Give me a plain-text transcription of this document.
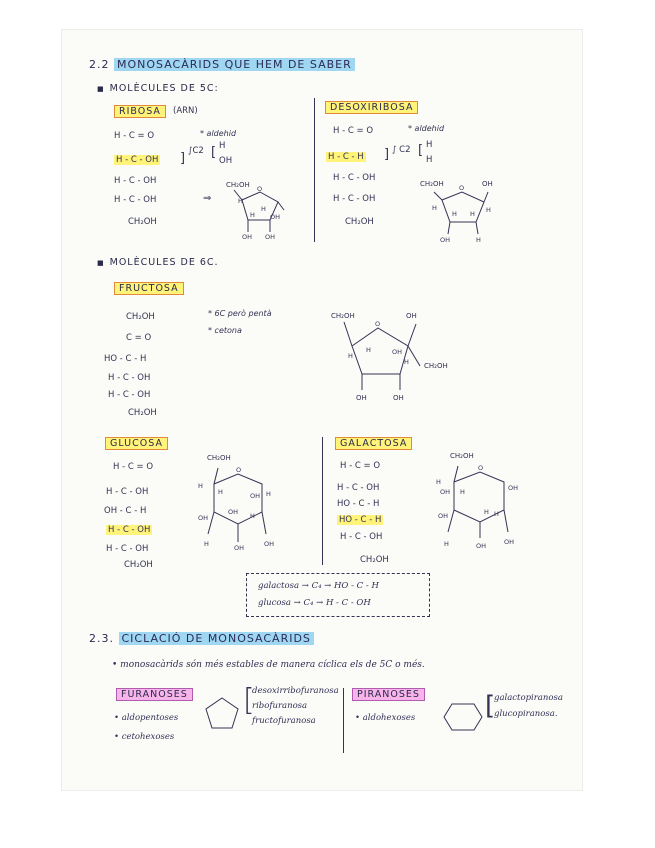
2.2 MONOSACÀRIDS QUE HEM DE SABER
■ MOLÈCULES DE 5C:
RIBOSA	(ARN)
* aldehid
H - C = O
H - C - OH
H - C - OH
H - C - OH
CH₂OH
] ∫C2 [ H
OH
⇒
CH₂OH O
H
H
H OH
OH OH
DESOXIRIBOSA
* aldehid
H - C = O
H - C - H
H - C - OH
H - C - OH
CH₂OH
] ∫ C2 [ H
H
CH₂OH	OH
O
H
H H H
OH	H
■ MOLÈCULES DE 6C.
FRUCTOSA
* 6C però pentà
* cetona
CH₂OH
C = O
HO - C - H
H - C - OH
H - C - OH
CH₂OH
CH₂OH	OH
O
H
H	OH
H CH₂OH
OH	OH
GLUCOSA
H - C = O
H - C - OH
OH - C - H
H - C - OH
H - C - OH
CH₂OH
CH₂OH
O
H
H	OH H
OH
OH H
H	OH	OH
GALACTOSA
H - C = O
H - C - OH
HO - C - H
HO - C - H
H - C - OH
CH₂OH
CH₂OH
O
H
OH H	OH
OH	H H
H	OH	OH
galactosa → C₄ → HO - C - H
glucosa → C₄ → H - C - OH
2.3. CICLACIÓ DE MONOSACÀRIDS
• monosacàrids són més estables de manera cíclica els de 5C o més.
FURANOSES
• aldopentoses
• cetohexoses
[
desoxirribofuranosa
ribofuranosa
fructofuranosa
PIRANOSES
• aldohexoses	[
galactopiranosa
glucopiranosa.
